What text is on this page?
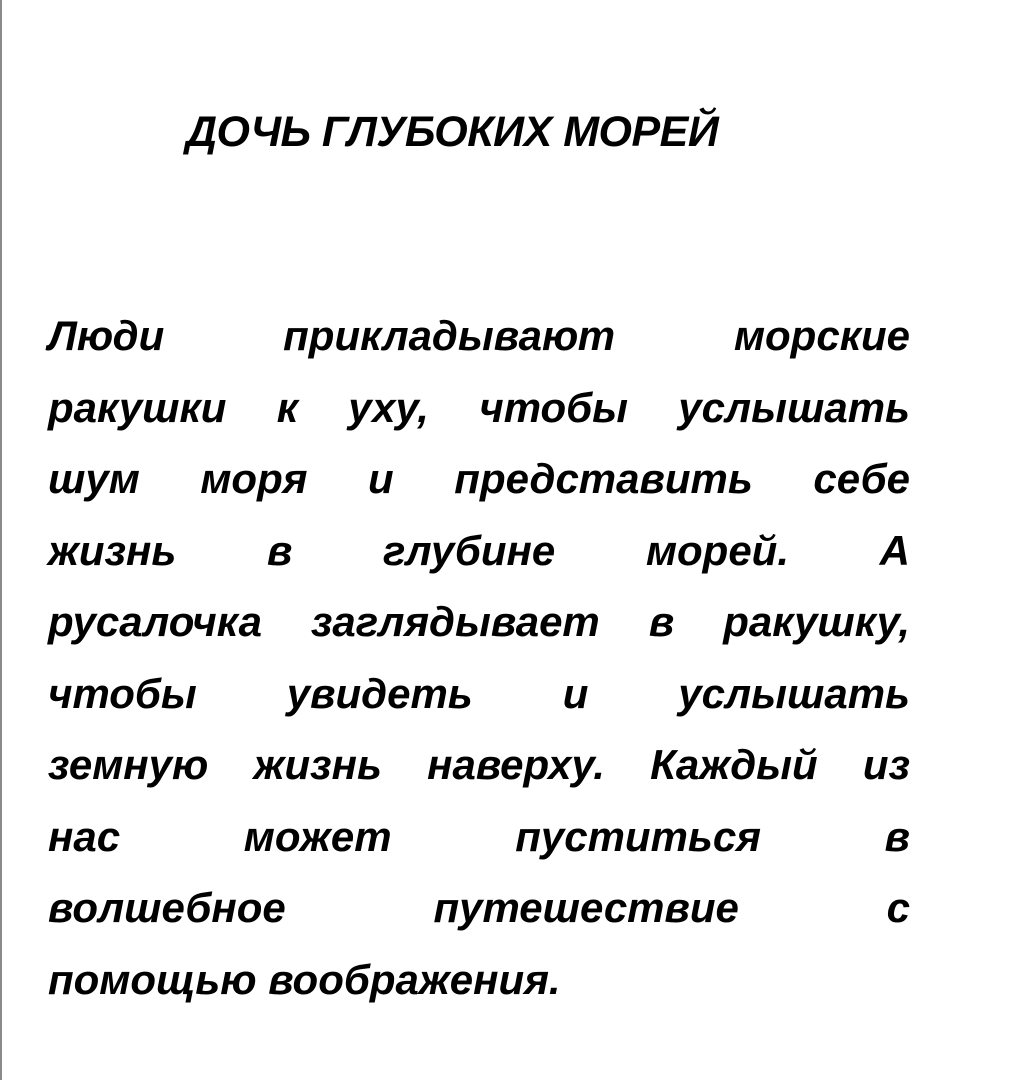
ДОЧЬ ГЛУБОКИХ МОРЕЙ
Люди прикладывают морские
ракушки к уху, чтобы услышать
шум моря и представить себе
жизнь в глубине морей. А
русалочка заглядывает в ракушку,
чтобы увидеть и услышать
земную жизнь наверху. Каждый из
нас может пуститься в
волшебное путешествие с
помощью воображения.
